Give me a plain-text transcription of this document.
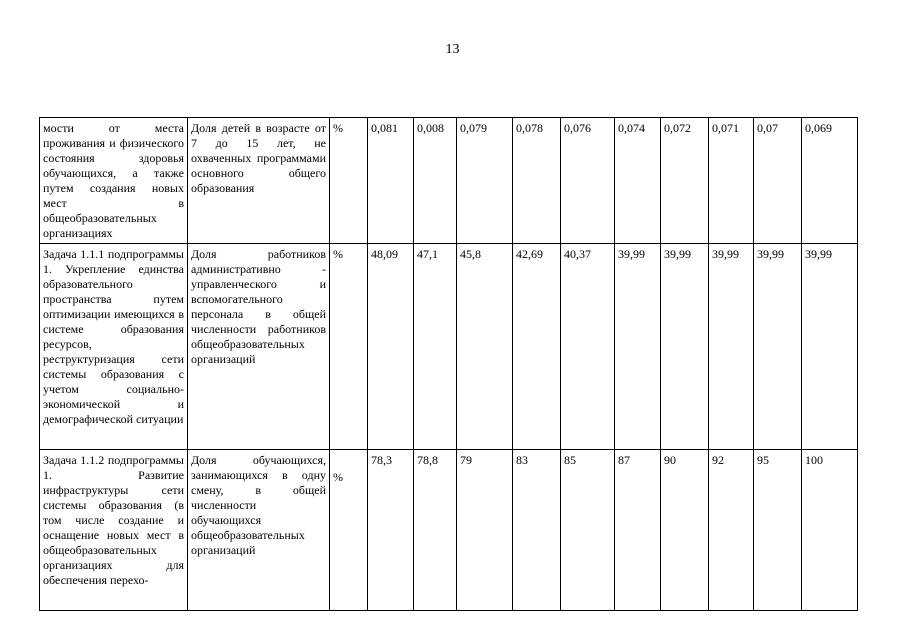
13
мости от места проживания и физического состояния здоровья обучающихся, а также путем создания новых мест в общеобразовательных организациях	Доля детей в возрасте от 7 до 15 лет, не охваченных программами основного общего образования	%	0,081	0,008	0,079	0,078	0,076	0,074	0,072	0,071	0,07	0,069
Задача 1.1.1 подпрограммы 1. Укрепление единства образовательного пространства путем оптимизации имеющихся в системе образования ресурсов, реструктуризация сети системы образования с учетом социально-экономической и демографической ситуации	Доля работников административно - управленческого и вспомогательного персонала в общей численности работников общеобразовательных организаций	%	48,09	47,1	45,8	42,69	40,37	39,99	39,99	39,99	39,99	39,99
Задача 1.1.2 подпрограммы 1. Развитие инфраструктуры сети системы образования (в том числе создание и оснащение новых мест в общеобразовательных организациях для обеспечения перехо-	Доля обучающихся, занимающихся в одну смену, в общей численности обучающихся общеобразовательных организаций	%	78,3	78,8	79	83	85	87	90	92	95	100
